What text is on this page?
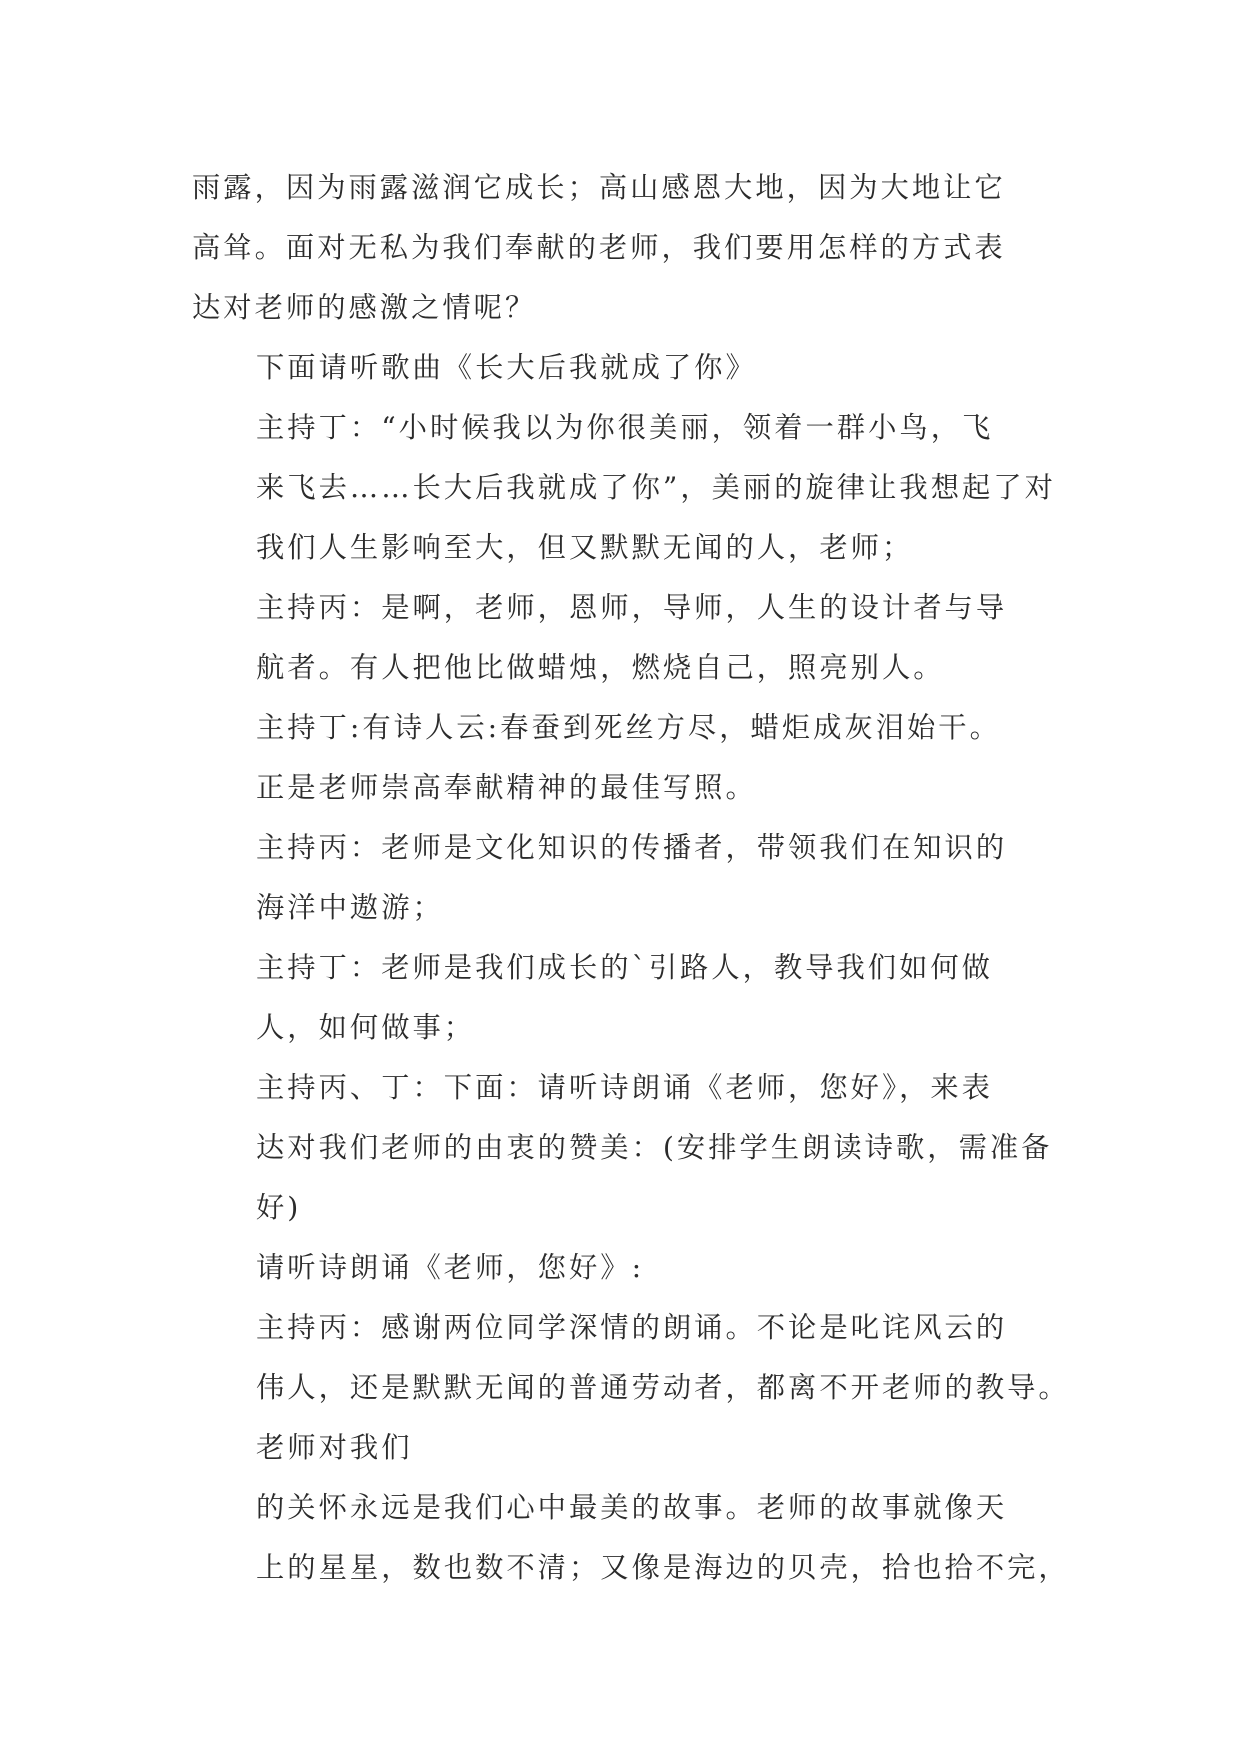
雨露，因为雨露滋润它成长；高山感恩大地，因为大地让它
高耸。面对无私为我们奉献的老师，我们要用怎样的方式表
达对老师的感激之情呢？

下面请听歌曲《长大后我就成了你》

主持丁：“小时候我以为你很美丽，领着一群小鸟，飞
来飞去……长大后我就成了你”，美丽的旋律让我想起了对
我们人生影响至大，但又默默无闻的人，老师；

主持丙：是啊，老师，恩师，导师，人生的设计者与导
航者。有人把他比做蜡烛，燃烧自己，照亮别人。

主持丁:有诗人云:春蚕到死丝方尽，蜡炬成灰泪始干。
正是老师崇高奉献精神的最佳写照。

主持丙：老师是文化知识的传播者，带领我们在知识的
海洋中遨游；

主持丁：老师是我们成长的`引路人，教导我们如何做
人，如何做事；

主持丙、丁：下面：请听诗朗诵《老师，您好》，来表
达对我们老师的由衷的赞美：(安排学生朗读诗歌，需准备
好)

请听诗朗诵《老师，您好》:

主持丙：感谢两位同学深情的朗诵。不论是叱诧风云的
伟人，还是默默无闻的普通劳动者，都离不开老师的教导。
老师对我们

的关怀永远是我们心中最美的故事。老师的故事就像天
上的星星，数也数不清；又像是海边的贝壳，拾也拾不完，
